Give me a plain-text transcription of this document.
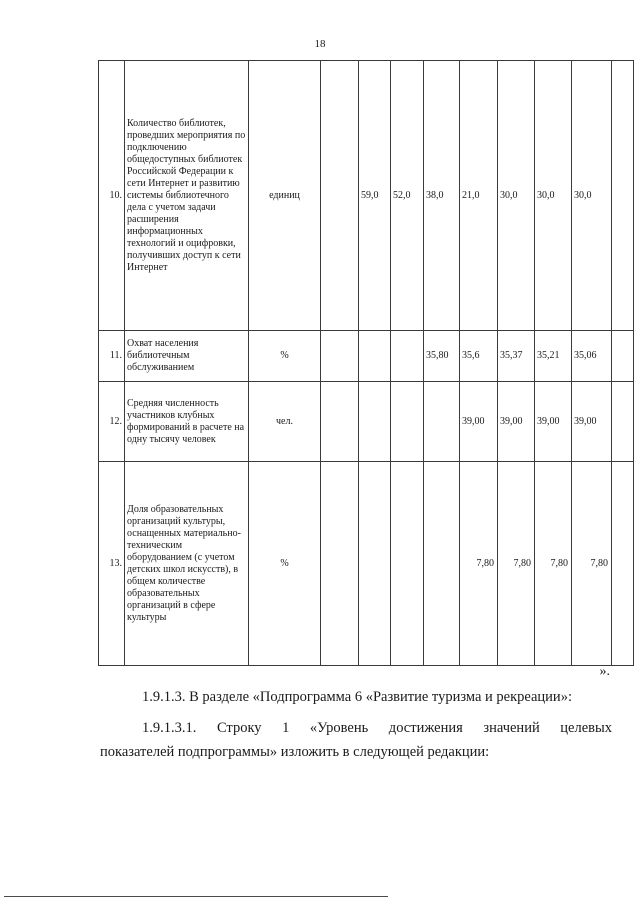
18
10.	Количество библиотек, проведших мероприятия по подключению общедоступных библиотек Российской Федерации к сети Интернет и развитию системы библиотечного дела с учетом задачи расширения информационных технологий и оцифровки, получивших доступ к сети Интернет	единиц		59,0	52,0	38,0	21,0	30,0	30,0	30,0	
11.	Охват населения библиотечным обслуживанием	%				35,80	35,6	35,37	35,21	35,06	
12.	Средняя численность участников клубных формирований в расчете на одну тысячу человек	чел.					39,00	39,00	39,00	39,00	
13.	Доля образовательных организаций культуры, оснащенных материально-техническим оборудованием (с учетом детских школ искусств), в общем количестве образовательных организаций в сфере культуры	%					7,80	7,80	7,80	7,80	
».
1.9.1.3. В разделе «Подпрограмма 6 «Развитие туризма и рекреации»:
1.9.1.3.1. Строку 1 «Уровень достижения значений целевых
показателей подпрограммы» изложить в следующей редакции:
